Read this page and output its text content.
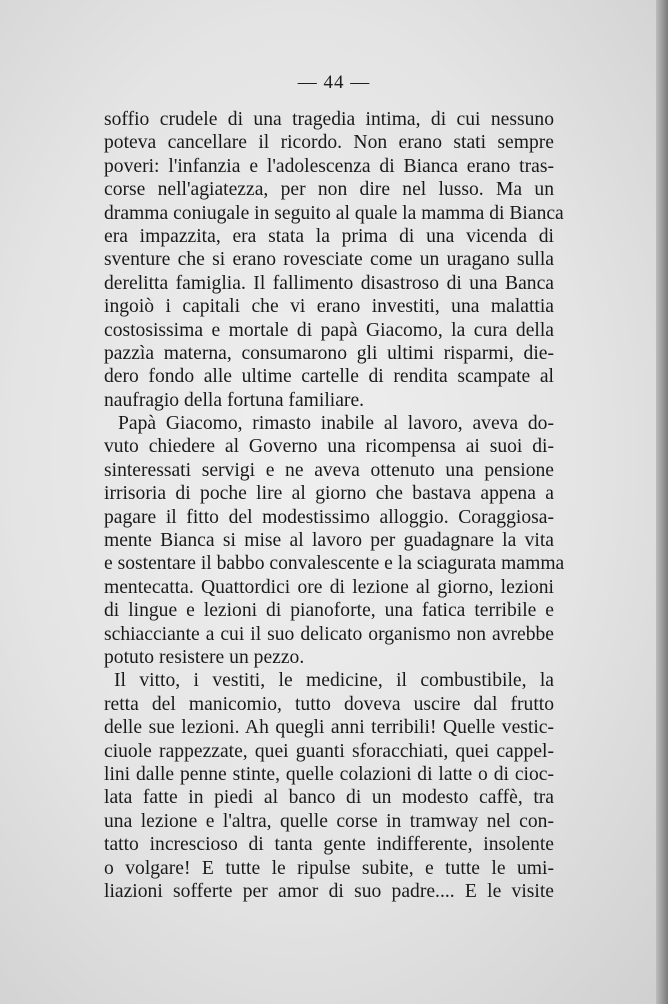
— 44 —
soffio crudele di una tragedia intima, di cui nessuno
poteva cancellare il ricordo. Non erano stati sempre
poveri: l'infanzia e l'adolescenza di Bianca erano tras-
corse nell'agiatezza, per non dire nel lusso. Ma un
dramma coniugale in seguito al quale la mamma di Bianca
era impazzita, era stata la prima di una vicenda di
sventure che si erano rovesciate come un uragano sulla
derelitta famiglia. Il fallimento disastroso di una Banca
ingoiò i capitali che vi erano investiti, una malattia
costosissima e mortale di papà Giacomo, la cura della
pazzìa materna, consumarono gli ultimi risparmi, die-
dero fondo alle ultime cartelle di rendita scampate al
naufragio della fortuna familiare.
Papà Giacomo, rimasto inabile al lavoro, aveva do-
vuto chiedere al Governo una ricompensa ai suoi di-
sinteressati servigi e ne aveva ottenuto una pensione
irrisoria di poche lire al giorno che bastava appena a
pagare il fitto del modestissimo alloggio. Coraggiosa-
mente Bianca si mise al lavoro per guadagnare la vita
e sostentare il babbo convalescente e la sciagurata mamma
mentecatta. Quattordici ore di lezione al giorno, lezioni
di lingue e lezioni di pianoforte, una fatica terribile e
schiacciante a cui il suo delicato organismo non avrebbe
potuto resistere un pezzo.
Il vitto, i vestiti, le medicine, il combustibile, la
retta del manicomio, tutto doveva uscire dal frutto
delle sue lezioni. Ah quegli anni terribili! Quelle vestic-
ciuole rappezzate, quei guanti sforacchiati, quei cappel-
lini dalle penne stinte, quelle colazioni di latte o di cioc-
lata fatte in piedi al banco di un modesto caffè, tra
una lezione e l'altra, quelle corse in tramway nel con-
tatto increscioso di tanta gente indifferente, insolente
o volgare! E tutte le ripulse subite, e tutte le umi-
liazioni sofferte per amor di suo padre.... E le visite
